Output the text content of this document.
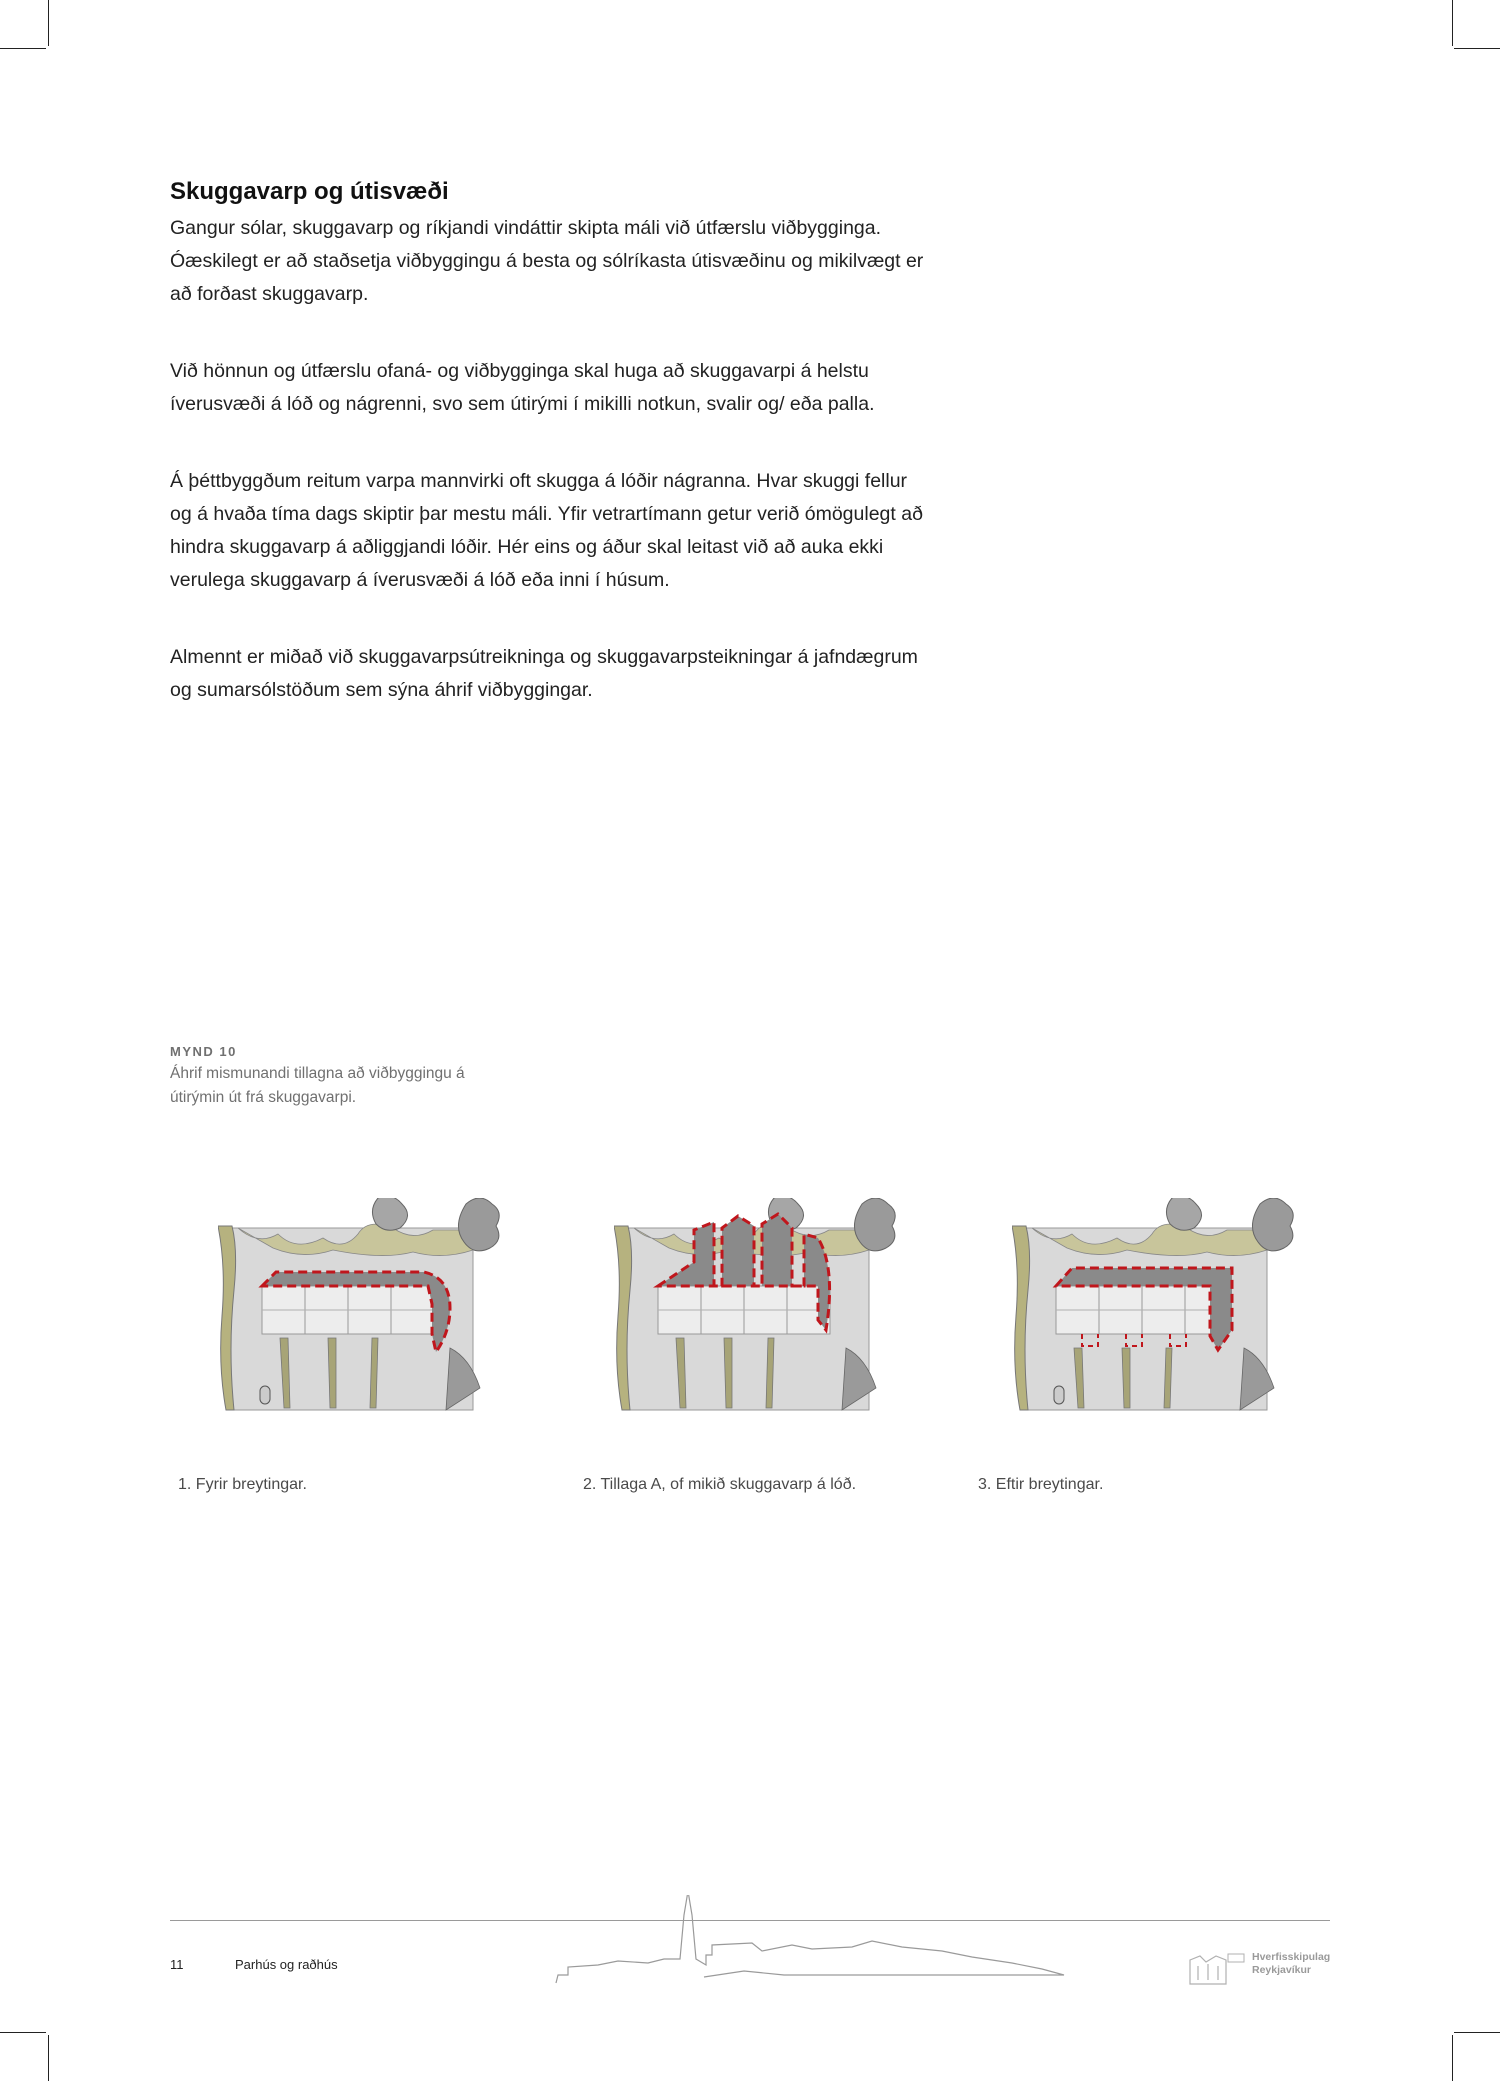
Skuggavarp og útisvæði

Gangur sólar, skuggavarp og ríkjandi vindáttir skipta máli við útfærslu viðbygginga. Óæskilegt er að staðsetja viðbyggingu á besta og sólríkasta útisvæðinu og mikilvægt er að forðast skuggavarp.

Við hönnun og útfærslu ofaná- og viðbygginga skal huga að skuggavarpi á helstu íverusvæði á lóð og nágrenni, svo sem útirými í mikilli notkun, svalir og/ eða palla.

Á þéttbyggðum reitum varpa mannvirki oft skugga á lóðir nágranna. Hvar skuggi fellur og á hvaða tíma dags skiptir þar mestu máli. Yfir vetrartímann getur verið ómögulegt að hindra skuggavarp á aðliggjandi lóðir. Hér eins og áður skal leitast við að auka ekki verulega skuggavarp á íverusvæði á lóð eða inni í húsum.

Almennt er miðað við skuggavarpsútreikninga og skuggavarpsteikningar á jafndægrum og sumarsólstöðum sem sýna áhrif viðbyggingar.

MYND 10
Áhrif mismunandi tillagna að viðbyggingu á
útirýmin út frá skuggavarpi.
1. Fyrir breytingar.	2. Tillaga A, of mikið skuggavarp á lóð.	3. Eftir breytingar.
11	Parhús og raðhús	Hverfisskipulag
Reykjavíkur
